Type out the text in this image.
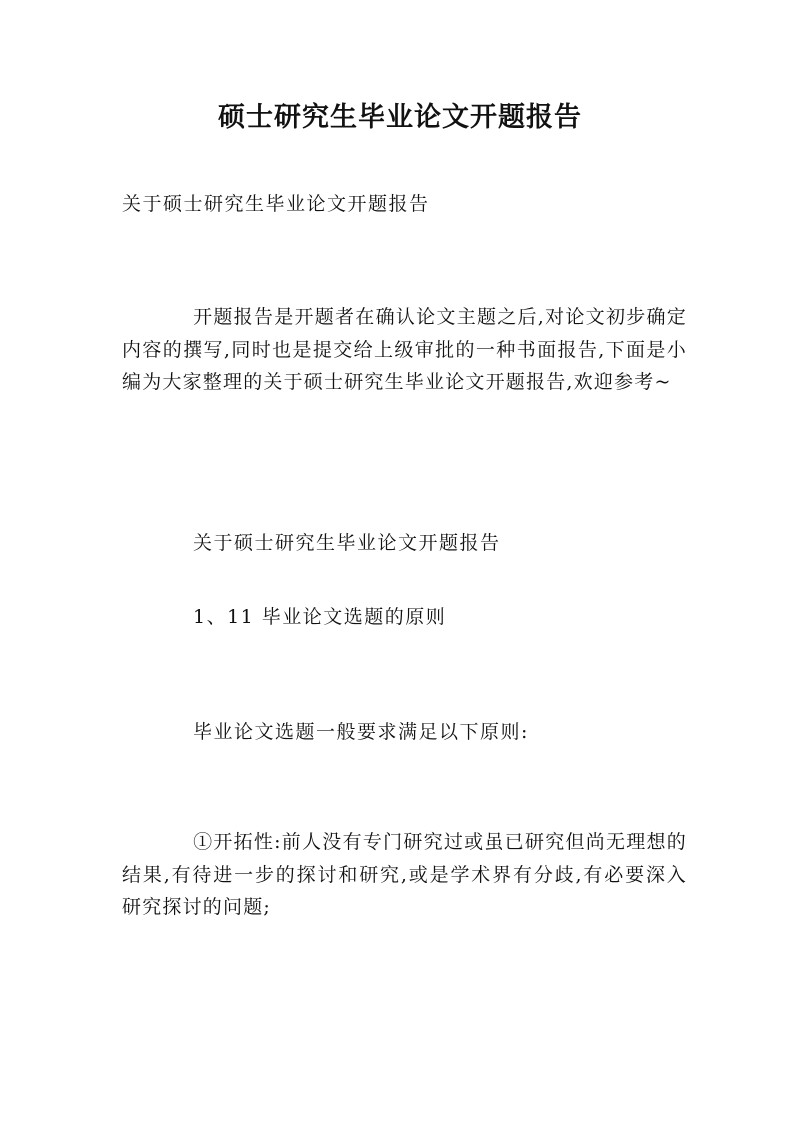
硕士研究生毕业论文开题报告

关于硕士研究生毕业论文开题报告

开题报告是开题者在确认论文主题之后,对论文初步确定内容的撰写,同时也是提交给上级审批的一种书面报告,下面是小编为大家整理的关于硕士研究生毕业论文开题报告,欢迎参考~

关于硕士研究生毕业论文开题报告

1、11 毕业论文选题的原则

毕业论文选题一般要求满足以下原则:

①开拓性:前人没有专门研究过或虽已研究但尚无理想的结果,有待进一步的探讨和研究,或是学术界有分歧,有必要深入研究探讨的问题;
